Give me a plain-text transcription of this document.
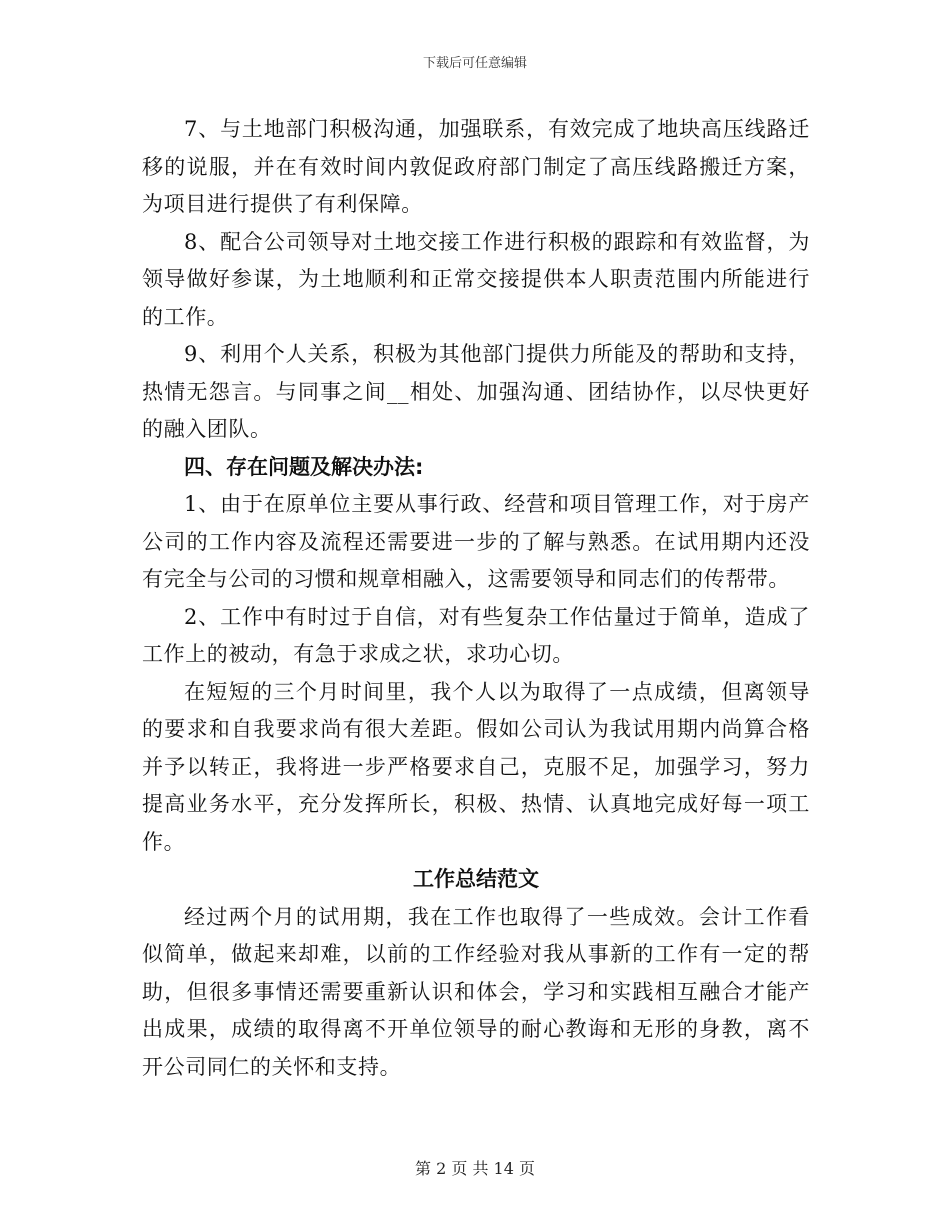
下载后可任意编辑

7、与土地部门积极沟通，加强联系，有效完成了地块高压线路迁移的说服，并在有效时间内敦促政府部门制定了高压线路搬迁方案，为项目进行提供了有利保障。

8、配合公司领导对土地交接工作进行积极的跟踪和有效监督，为领导做好参谋，为土地顺利和正常交接提供本人职责范围内所能进行的工作。

9、利用个人关系，积极为其他部门提供力所能及的帮助和支持，热情无怨言。与同事之间__相处、加强沟通、团结协作，以尽快更好的融入团队。

四、存在问题及解决办法:

1、由于在原单位主要从事行政、经营和项目管理工作，对于房产公司的工作内容及流程还需要进一步的了解与熟悉。在试用期内还没有完全与公司的习惯和规章相融入，这需要领导和同志们的传帮带。

2、工作中有时过于自信，对有些复杂工作估量过于简单，造成了工作上的被动，有急于求成之状，求功心切。

在短短的三个月时间里，我个人以为取得了一点成绩，但离领导的要求和自我要求尚有很大差距。假如公司认为我试用期内尚算合格并予以转正，我将进一步严格要求自己，克服不足，加强学习，努力提高业务水平，充分发挥所长，积极、热情、认真地完成好每一项工作。

工作总结范文

经过两个月的试用期，我在工作也取得了一些成效。会计工作看似简单，做起来却难，以前的工作经验对我从事新的工作有一定的帮助，但很多事情还需要重新认识和体会，学习和实践相互融合才能产出成果，成绩的取得离不开单位领导的耐心教诲和无形的身教，离不开公司同仁的关怀和支持。

第 2 页 共 14 页
